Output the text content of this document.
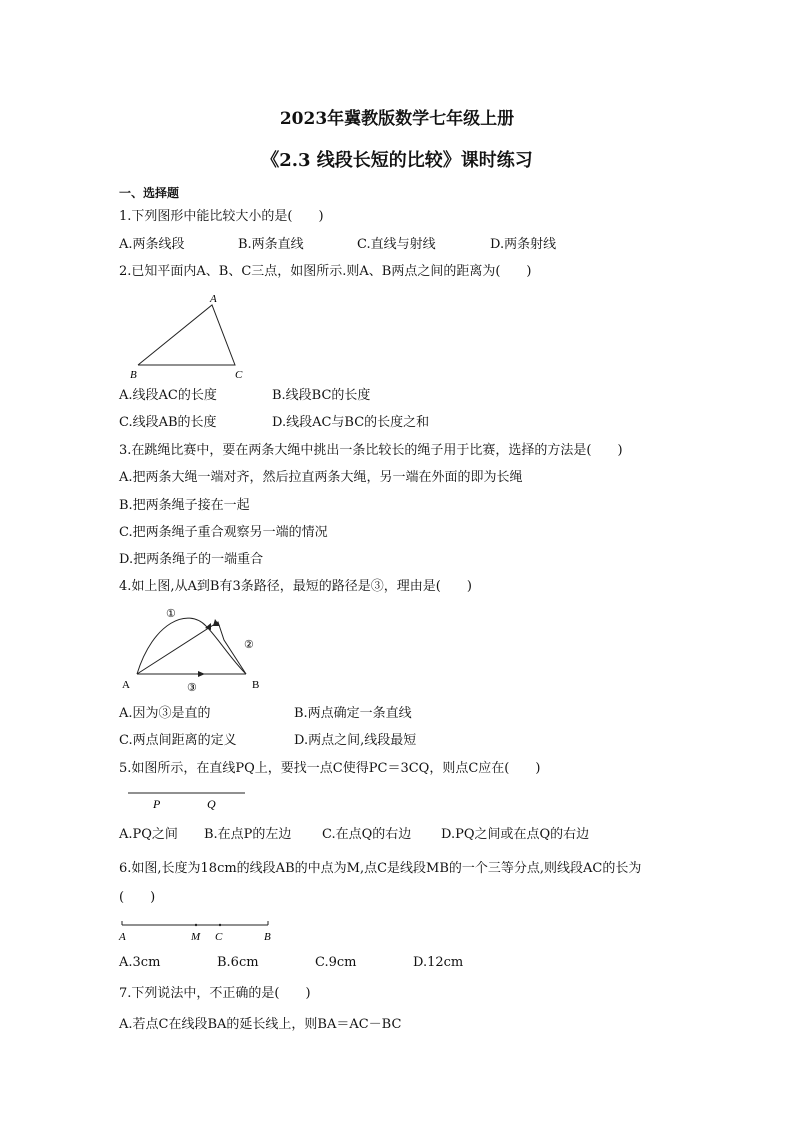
2023年冀教版数学七年级上册
《2.3 线段长短的比较》课时练习
一、选择题
1.下列图形中能比较大小的是(　　)
A.两条线段	B.两条直线	C.直线与射线	D.两条射线
2.已知平面内A、B、C三点，如图所示.则A、B两点之间的距离为(　　)
A
B	C
A.线段AC的长度	B.线段BC的长度
C.线段AB的长度	D.线段AC与BC的长度之和
3.在跳绳比赛中，要在两条大绳中挑出一条比较长的绳子用于比赛，选择的方法是(　　)
A.把两条大绳一端对齐，然后拉直两条大绳，另一端在外面的即为长绳
B.把两条绳子接在一起
C.把两条绳子重合观察另一端的情况
D.把两条绳子的一端重合
4.如上图,从A到B有3条路径，最短的路径是③，理由是(　　)
①
②
③
A	B
A.因为③是直的	B.两点确定一条直线
C.两点间距离的定义	D.两点之间,线段最短
5.如图所示，在直线PQ上，要找一点C使得PC＝3CQ，则点C应在(　　)
P	Q
A.PQ之间 B.在点P的左边 C.在点Q的右边 D.PQ之间或在点Q的右边
6.如图,长度为18cm的线段AB的中点为M,点C是线段MB的一个三等分点,则线段AC的长为
(　　)
A	M C	B
A.3cm	B.6cm	C.9cm	D.12cm
7.下列说法中，不正确的是(　　)
A.若点C在线段BA的延长线上，则BA＝AC－BC
